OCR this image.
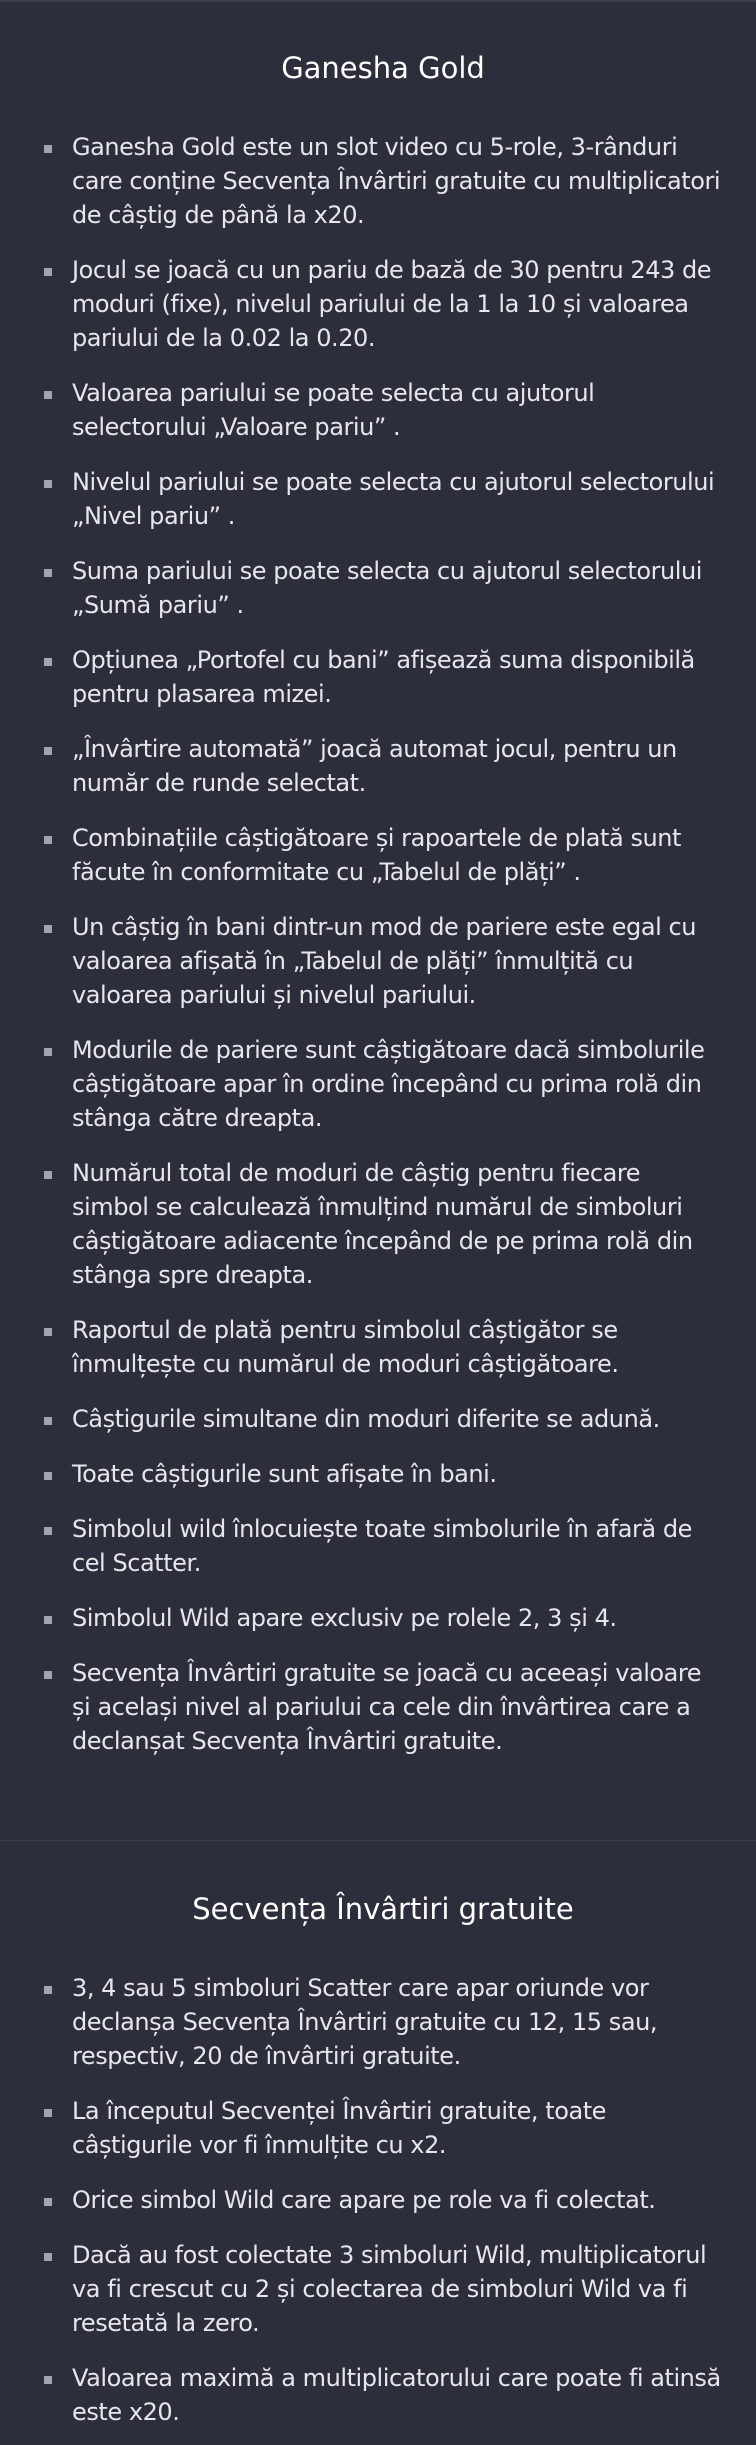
Ganesha Gold
Ganesha Gold este un slot video cu 5-role, 3-rânduri care conține Secvența Învârtiri gratuite cu multiplicatori de câștig de până la x20.
Jocul se joacă cu un pariu de bază de 30 pentru 243 de moduri (fixe), nivelul pariului de la 1 la 10 și valoarea pariului de la 0.02 la 0.20.
Valoarea pariului se poate selecta cu ajutorul selectorului „Valoare pariu” .
Nivelul pariului se poate selecta cu ajutorul selectorului „Nivel pariu” .
Suma pariului se poate selecta cu ajutorul selectorului „Sumă pariu” .
Opțiunea „Portofel cu bani” afișează suma disponibilă pentru plasarea mizei.
„Învârtire automată” joacă automat jocul, pentru un număr de runde selectat.
Combinațiile câștigătoare și rapoartele de plată sunt făcute în conformitate cu „Tabelul de plăți” .
Un câștig în bani dintr-un mod de pariere este egal cu valoarea afișată în „Tabelul de plăți” înmulțită cu valoarea pariului și nivelul pariului.
Modurile de pariere sunt câștigătoare dacă simbolurile câștigătoare apar în ordine începând cu prima rolă din stânga către dreapta.
Numărul total de moduri de câștig pentru fiecare simbol se calculează înmulțind numărul de simboluri câștigătoare adiacente începând de pe prima rolă din stânga spre dreapta.
Raportul de plată pentru simbolul câștigător se înmulțește cu numărul de moduri câștigătoare.
Câștigurile simultane din moduri diferite se adună.
Toate câștigurile sunt afișate în bani.
Simbolul wild înlocuiește toate simbolurile în afară de cel Scatter.
Simbolul Wild apare exclusiv pe rolele 2, 3 și 4.
Secvența Învârtiri gratuite se joacă cu aceeași valoare și același nivel al pariului ca cele din învârtirea care a declanșat Secvența Învârtiri gratuite.
Secvența Învârtiri gratuite
3, 4 sau 5 simboluri Scatter care apar oriunde vor declanșa Secvența Învârtiri gratuite cu 12, 15 sau, respectiv, 20 de învârtiri gratuite.
La începutul Secvenței Învârtiri gratuite, toate câștigurile vor fi înmulțite cu x2.
Orice simbol Wild care apare pe role va fi colectat.
Dacă au fost colectate 3 simboluri Wild, multiplicatorul va fi crescut cu 2 și colectarea de simboluri Wild va fi resetată la zero.
Valoarea maximă a multiplicatorului care poate fi atinsă este x20.
